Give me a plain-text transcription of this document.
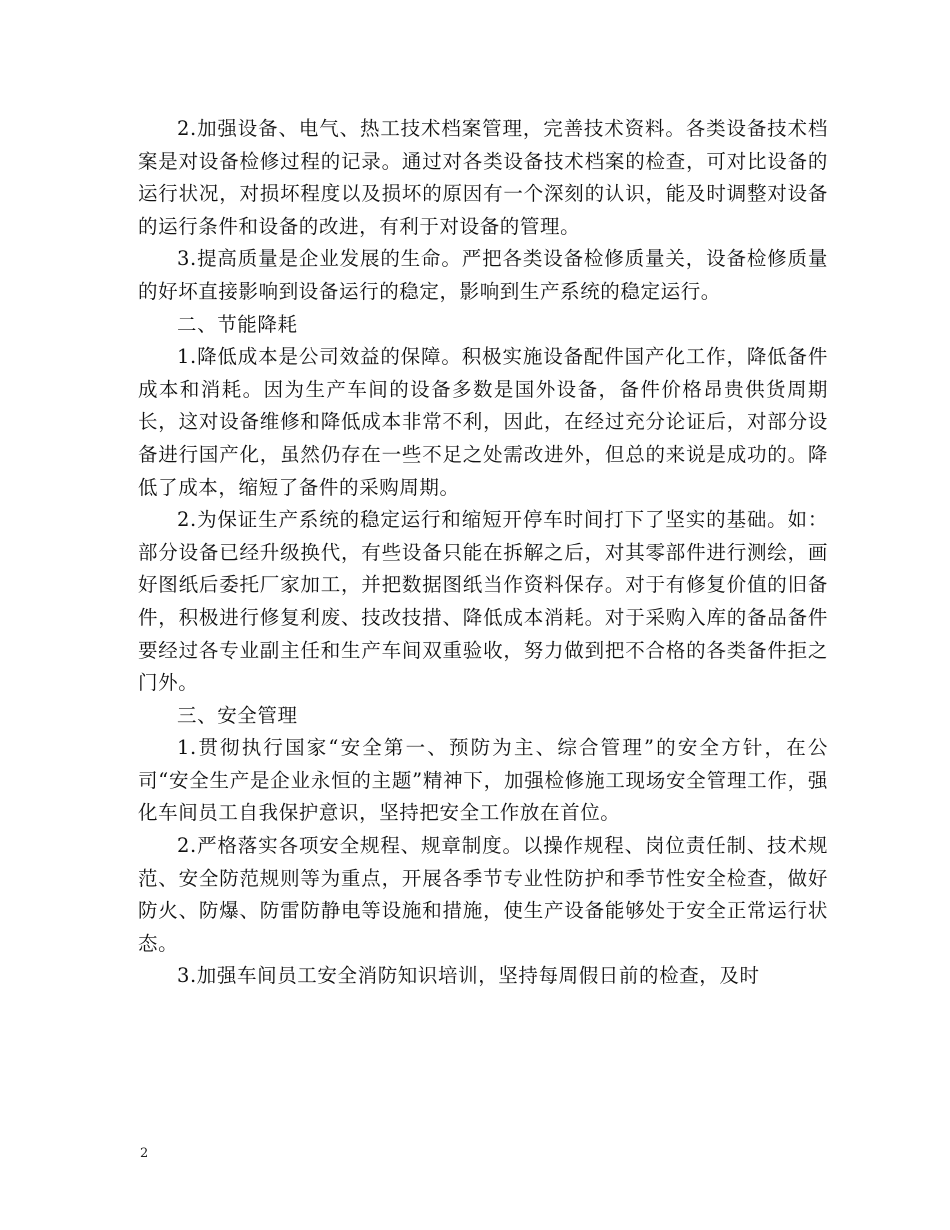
2.加强设备、电气、热工技术档案管理，完善技术资料。各类设备技术档案是对设备检修过程的记录。通过对各类设备技术档案的检查，可对比设备的运行状况，对损坏程度以及损坏的原因有一个深刻的认识，能及时调整对设备的运行条件和设备的改进，有利于对设备的管理。

3.提高质量是企业发展的生命。严把各类设备检修质量关，设备检修质量的好坏直接影响到设备运行的稳定，影响到生产系统的稳定运行。

二、节能降耗

1.降低成本是公司效益的保障。积极实施设备配件国产化工作，降低备件成本和消耗。因为生产车间的设备多数是国外设备，备件价格昂贵供货周期长，这对设备维修和降低成本非常不利，因此，在经过充分论证后，对部分设备进行国产化，虽然仍存在一些不足之处需改进外，但总的来说是成功的。降低了成本，缩短了备件的采购周期。

2.为保证生产系统的稳定运行和缩短开停车时间打下了坚实的基础。如：部分设备已经升级换代，有些设备只能在拆解之后，对其零部件进行测绘，画好图纸后委托厂家加工，并把数据图纸当作资料保存。对于有修复价值的旧备件，积极进行修复利废、技改技措、降低成本消耗。对于采购入库的备品备件要经过各专业副主任和生产车间双重验收，努力做到把不合格的各类备件拒之门外。

三、安全管理

1.贯彻执行国家“安全第一、预防为主、综合管理”的安全方针，在公司“安全生产是企业永恒的主题”精神下，加强检修施工现场安全管理工作，强化车间员工自我保护意识，坚持把安全工作放在首位。

2.严格落实各项安全规程、规章制度。以操作规程、岗位责任制、技术规范、安全防范规则等为重点，开展各季节专业性防护和季节性安全检查，做好防火、防爆、防雷防静电等设施和措施，使生产设备能够处于安全正常运行状态。

3.加强车间员工安全消防知识培训，坚持每周假日前的检查，及时

2
